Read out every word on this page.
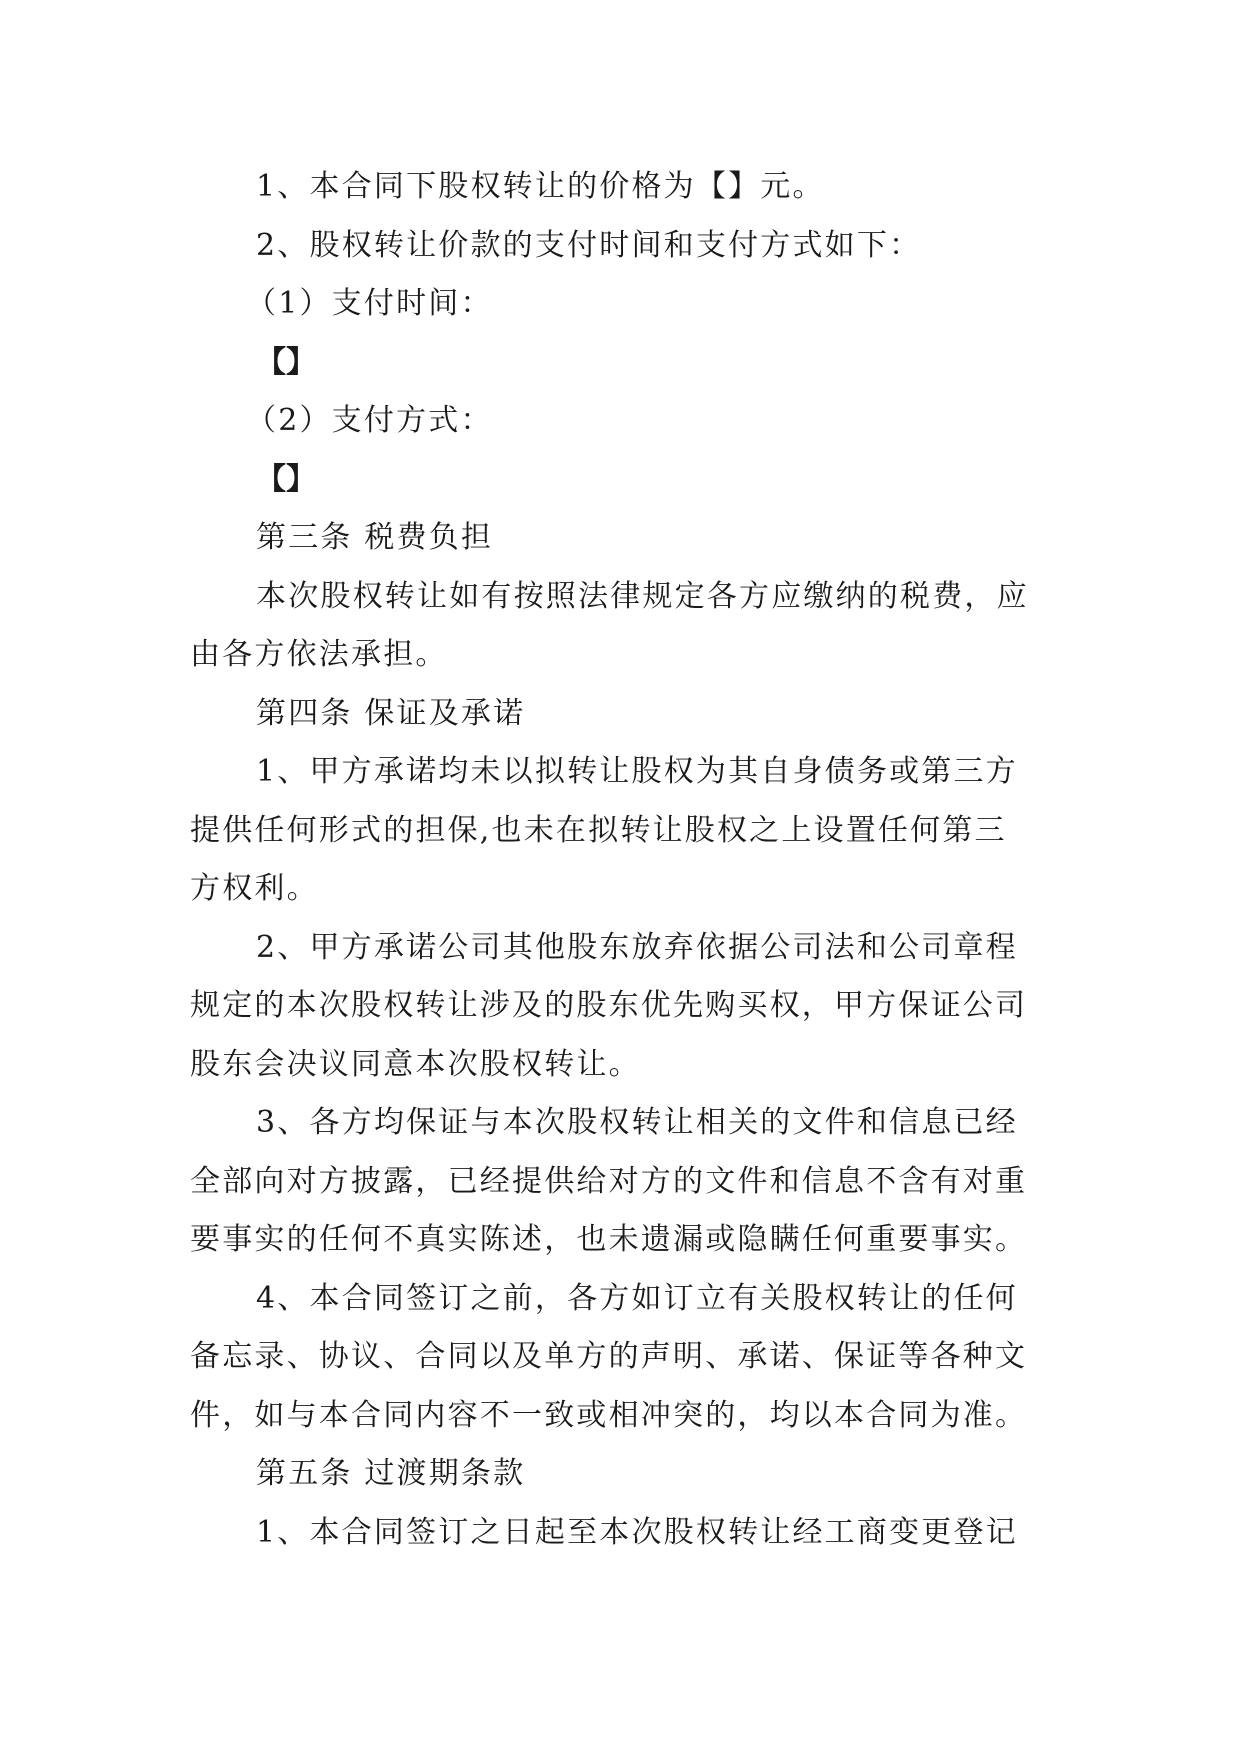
1、本合同下股权转让的价格为【】元。
2、股权转让价款的支付时间和支付方式如下：
（1）支付时间：
【】
（2）支付方式：
【】
第三条 税费负担
本次股权转让如有按照法律规定各方应缴纳的税费，应
由各方依法承担。
第四条 保证及承诺
1、甲方承诺均未以拟转让股权为其自身债务或第三方
提供任何形式的担保,也未在拟转让股权之上设置任何第三
方权利。
2、甲方承诺公司其他股东放弃依据公司法和公司章程
规定的本次股权转让涉及的股东优先购买权，甲方保证公司
股东会决议同意本次股权转让。
3、各方均保证与本次股权转让相关的文件和信息已经
全部向对方披露，已经提供给对方的文件和信息不含有对重
要事实的任何不真实陈述，也未遗漏或隐瞒任何重要事实。
4、本合同签订之前，各方如订立有关股权转让的任何
备忘录、协议、合同以及单方的声明、承诺、保证等各种文
件，如与本合同内容不一致或相冲突的，均以本合同为准。
第五条 过渡期条款
1、本合同签订之日起至本次股权转让经工商变更登记
